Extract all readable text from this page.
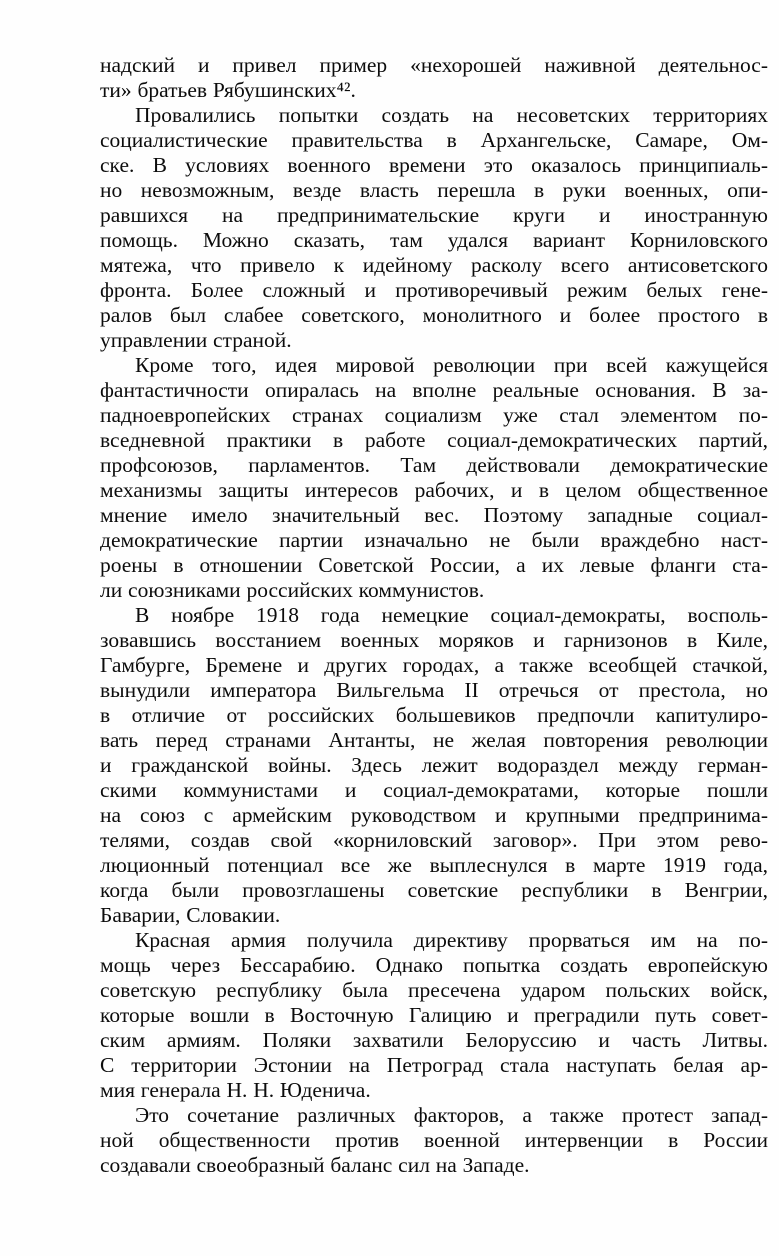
надский и привел пример «нехорошей наживной деятельнос-
ти» братьев Рябушинских⁴².
Провалились попытки создать на несоветских территориях
социалистические правительства в Архангельске, Самаре, Ом-
ске. В условиях военного времени это оказалось принципиаль-
но невозможным, везде власть перешла в руки военных, опи-
равшихся на предпринимательские круги и иностранную
помощь. Можно сказать, там удался вариант Корниловского
мятежа, что привело к идейному расколу всего антисоветского
фронта. Более сложный и противоречивый режим белых гене-
ралов был слабее советского, монолитного и более простого в
управлении страной.
Кроме того, идея мировой революции при всей кажущейся
фантастичности опиралась на вполне реальные основания. В за-
падноевропейских странах социализм уже стал элементом по-
вседневной практики в работе социал-демократических партий,
профсоюзов, парламентов. Там действовали демократические
механизмы защиты интересов рабочих, и в целом общественное
мнение имело значительный вес. Поэтому западные социал-
демократические партии изначально не были враждебно наст-
роены в отношении Советской России, а их левые фланги ста-
ли союзниками российских коммунистов.
В ноябре 1918 года немецкие социал-демократы, восполь-
зовавшись восстанием военных моряков и гарнизонов в Киле,
Гамбурге, Бремене и других городах, а также всеобщей стачкой,
вынудили императора Вильгельма II отречься от престола, но
в отличие от российских большевиков предпочли капитулиро-
вать перед странами Антанты, не желая повторения революции
и гражданской войны. Здесь лежит водораздел между герман-
скими коммунистами и социал-демократами, которые пошли
на союз с армейским руководством и крупными предпринима-
телями, создав свой «корниловский заговор». При этом рево-
люционный потенциал все же выплеснулся в марте 1919 года,
когда были провозглашены советские республики в Венгрии,
Баварии, Словакии.
Красная армия получила директиву прорваться им на по-
мощь через Бессарабию. Однако попытка создать европейскую
советскую республику была пресечена ударом польских войск,
которые вошли в Восточную Галицию и преградили путь совет-
ским армиям. Поляки захватили Белоруссию и часть Литвы.
С территории Эстонии на Петроград стала наступать белая ар-
мия генерала Н. Н. Юденича.
Это сочетание различных факторов, а также протест запад-
ной общественности против военной интервенции в России
создавали своеобразный баланс сил на Западе.
